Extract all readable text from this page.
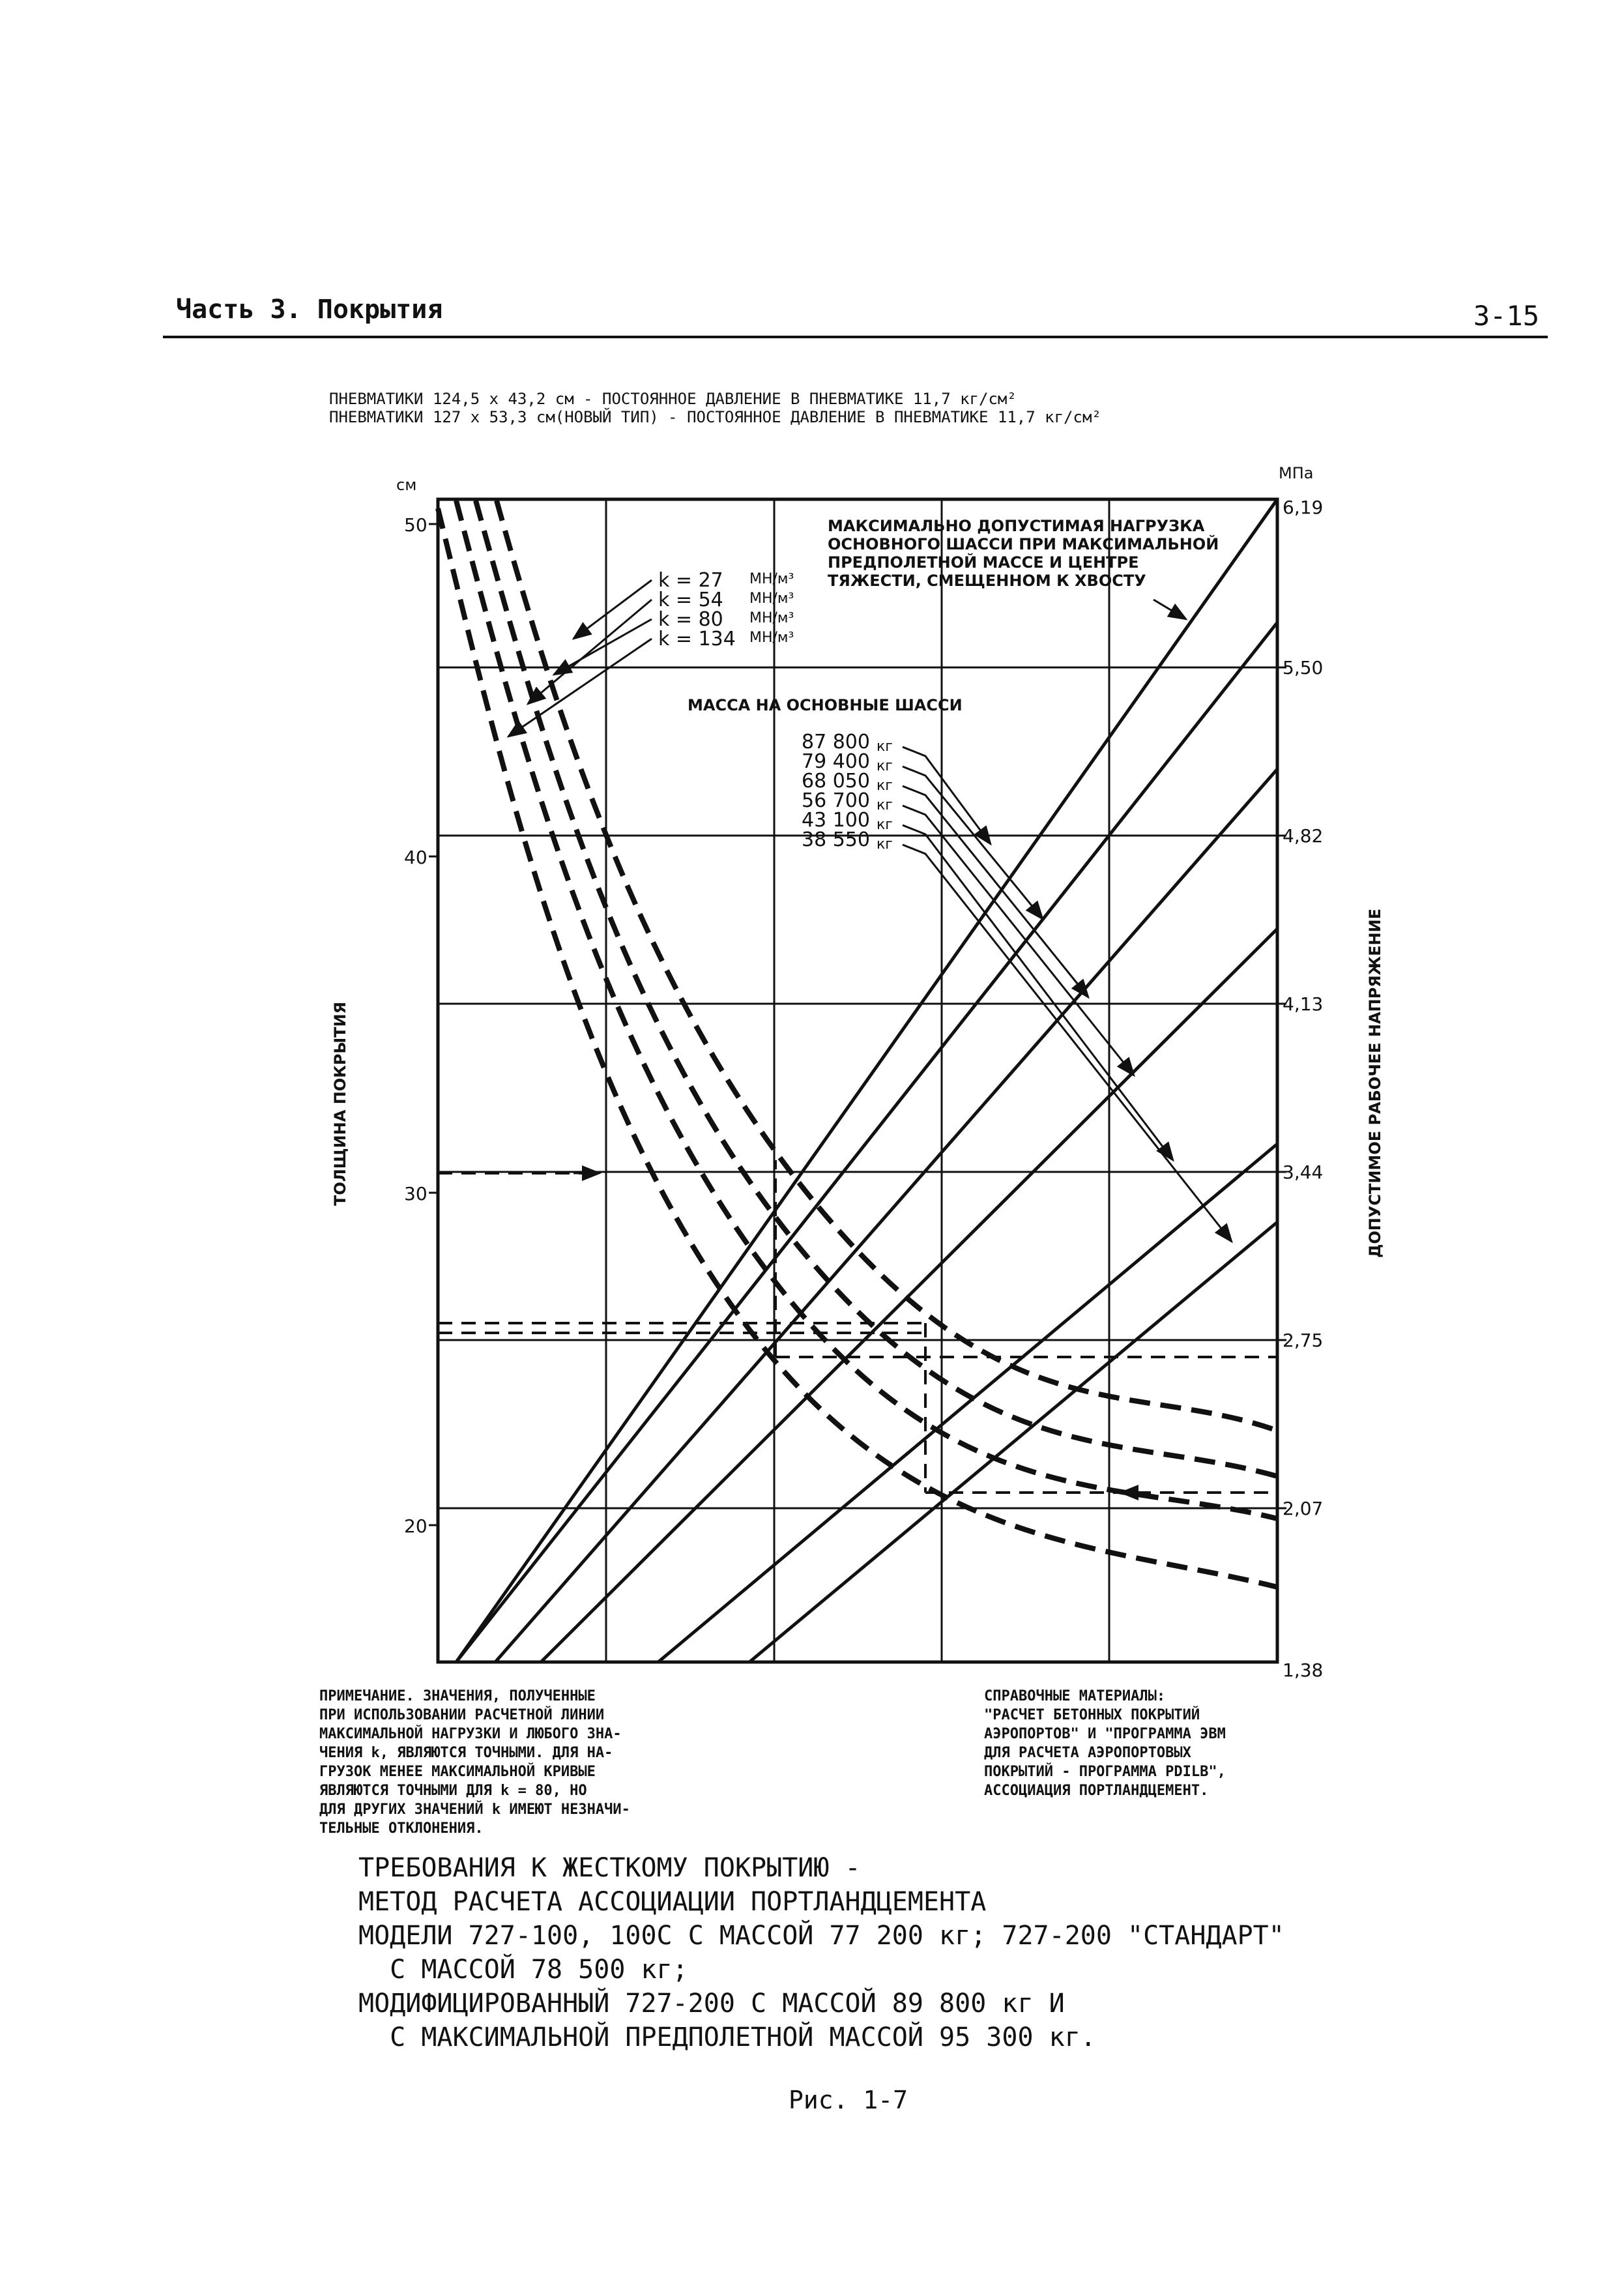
Часть 3. Покрытия	3-15
ПНЕВМАТИКИ 124,5 х 43,2 см - ПОСТОЯННОЕ ДАВЛЕНИЕ В ПНЕВМАТИКЕ 11,7 кг/см²
ПНЕВМАТИКИ 127 х 53,3 см(НОВЫЙ ТИП) - ПОСТОЯННОЕ ДАВЛЕНИЕ В ПНЕВМАТИКЕ 11,7 кг/см²
см
50
40
30
20
ТОЛЩИНА ПОКРЫТИЯ
МПа
6,19
5,50
4,82
4,13
3,44
2,75
2,07
1,38
ДОПУСТИМОЕ РАБОЧЕЕ НАПРЯЖЕНИЕ
МАКСИМАЛЬНО ДОПУСТИМАЯ НАГРУЗКА
ОСНОВНОГО ШАССИ ПРИ МАКСИМАЛЬНОЙ
ПРЕДПОЛЕТНОЙ МАССЕ И ЦЕНТРЕ
ТЯЖЕСТИ, СМЕЩЕННОМ К ХВОСТУ
k = 27
k = 54
k = 80
k = 134
МН/м³
МН/м³
МН/м³
МН/м³
МАССА НА ОСНОВНЫЕ ШАССИ
87 800
79 400
68 050
56 700
43 100
38 550
кг
кг
кг
кг
кг
кг
ПРИМЕЧАНИЕ. ЗНАЧЕНИЯ, ПОЛУЧЕННЫЕ
ПРИ ИСПОЛЬЗОВАНИИ РАСЧЕТНОЙ ЛИНИИ
МАКСИМАЛЬНОЙ НАГРУЗКИ И ЛЮБОГО ЗНА-
ЧЕНИЯ k, ЯВЛЯЮТСЯ ТОЧНЫМИ. ДЛЯ НА-
ГРУЗОК МЕНЕЕ МАКСИМАЛЬНОЙ КРИВЫЕ
ЯВЛЯЮТСЯ ТОЧНЫМИ ДЛЯ k = 80, НО
ДЛЯ ДРУГИХ ЗНАЧЕНИЙ k ИМЕЮТ НЕЗНАЧИ-
ТЕЛЬНЫЕ ОТКЛОНЕНИЯ.
СПРАВОЧНЫЕ МАТЕРИАЛЫ:
"РАСЧЕТ БЕТОННЫХ ПОКРЫТИЙ
АЭРОПОРТОВ" И "ПРОГРАММА ЭВМ
ДЛЯ РАСЧЕТА АЭРОПОРТОВЫХ
ПОКРЫТИЙ - ПРОГРАММА PDILB",
АССОЦИАЦИЯ ПОРТЛАНДЦЕМЕНТ.
ТРЕБОВАНИЯ К ЖЕСТКОМУ ПОКРЫТИЮ -
МЕТОД РАСЧЕТА АССОЦИАЦИИ ПОРТЛАНДЦЕМЕНТА
МОДЕЛИ 727-100, 100С С МАССОЙ 77 200 кг; 727-200 "СТАНДАРТ"
С МАССОЙ 78 500 кг;
МОДИФИЦИРОВАННЫЙ 727-200 С МАССОЙ 89 800 кг И
С МАКСИМАЛЬНОЙ ПРЕДПОЛЕТНОЙ МАССОЙ 95 300 кг.
Рис. 1-7
